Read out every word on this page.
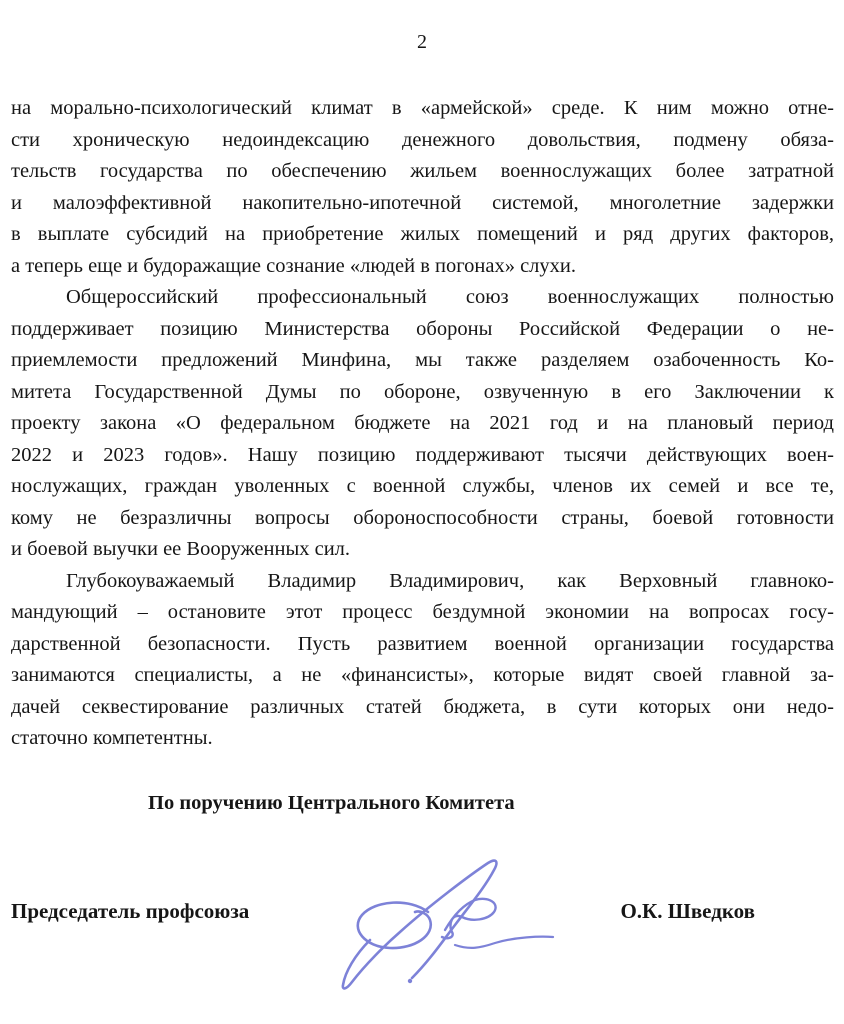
2

на морально-психологический климат в «армейской» среде. К ним можно отне-
сти хроническую недоиндексацию денежного довольствия, подмену обяза-
тельств государства по обеспечению жильем военнослужащих более затратной
и малоэффективной накопительно-ипотечной системой, многолетние задержки
в выплате субсидий на приобретение жилых помещений и ряд других факторов,
а теперь еще и будоражащие сознание «людей в погонах» слухи.

Общероссийский профессиональный союз военнослужащих полностью
поддерживает позицию Министерства обороны Российской Федерации о не-
приемлемости предложений Минфина, мы также разделяем озабоченность Ко-
митета Государственной Думы по обороне, озвученную в его Заключении к
проекту закона «О федеральном бюджете на 2021 год и на плановый период
2022 и 2023 годов». Нашу позицию поддерживают тысячи действующих воен-
нослужащих, граждан уволенных с военной службы, членов их семей и все те,
кому не безразличны вопросы обороноспособности страны, боевой готовности
и боевой выучки ее Вооруженных сил.

Глубокоуважаемый Владимир Владимирович, как Верховный главноко-
мандующий – остановите этот процесс бездумной экономии на вопросах госу-
дарственной безопасности. Пусть развитием военной организации государства
занимаются специалисты, а не «финансисты», которые видят своей главной за-
дачей секвестирование различных статей бюджета, в сути которых они недо-
статочно компетентны.

По поручению Центрального Комитета
Председатель профсоюза	О.К. Шведков
